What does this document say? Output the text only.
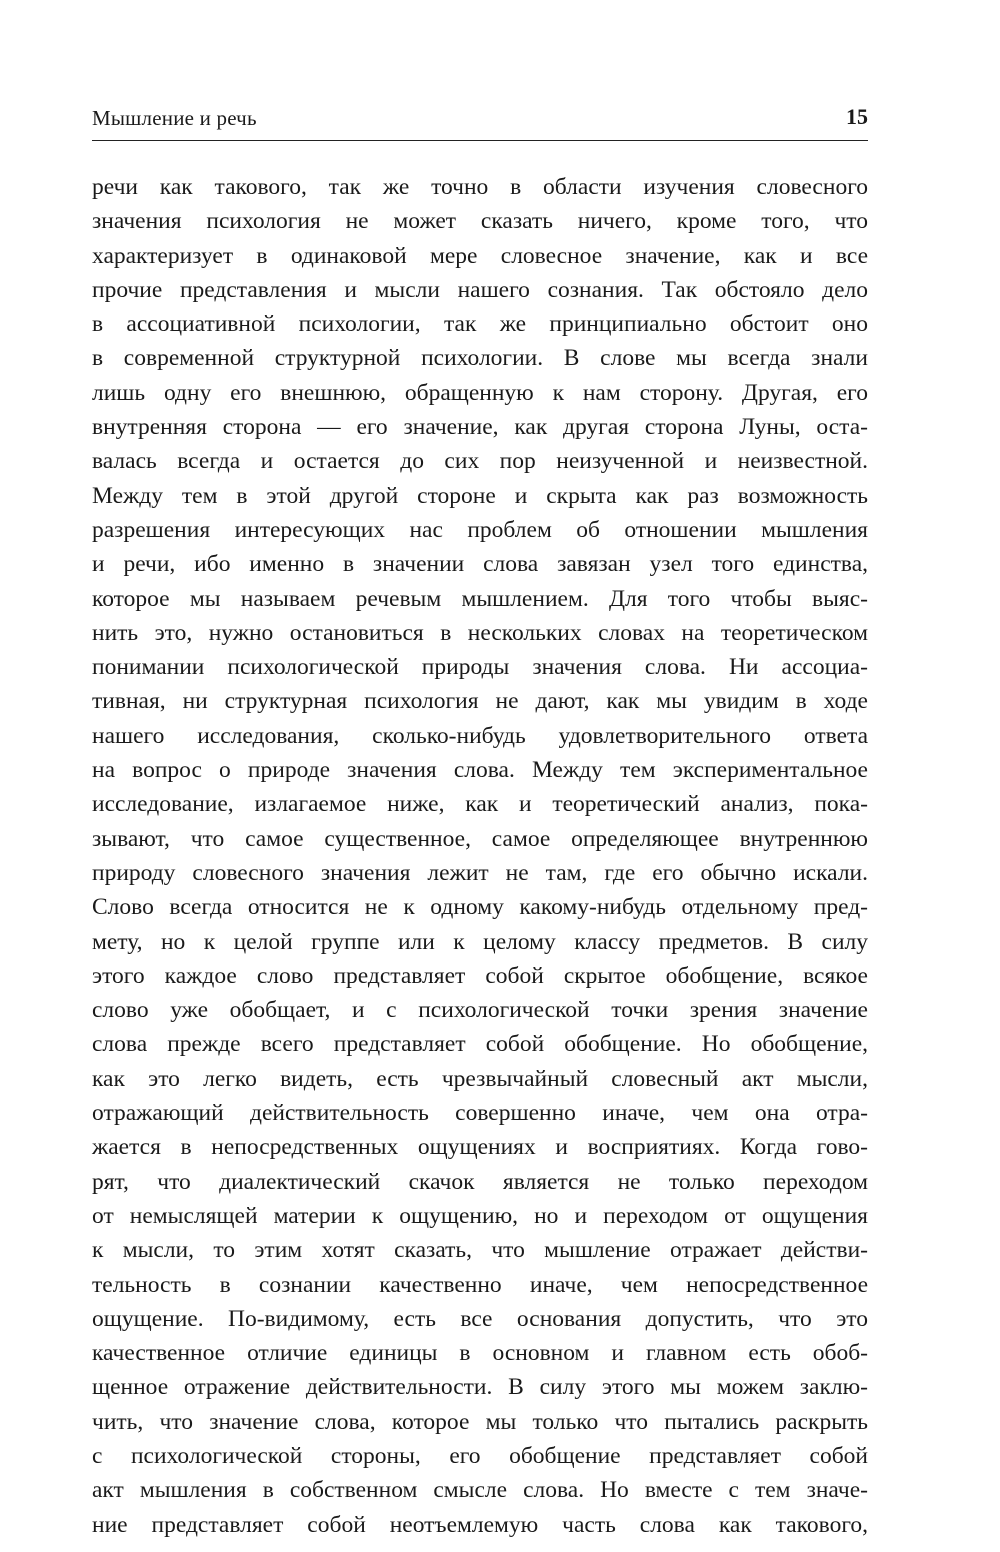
Мышление и речь	15
речи как такового, так же точно в области изучения словесного
значения психология не может сказать ничего, кроме того, что
характеризует в одинаковой мере словесное значение, как и все
прочие представления и мысли нашего сознания. Так обстояло дело
в ассоциативной психологии, так же принципиально обстоит оно
в современной структурной психологии. В слове мы всегда знали
лишь одну его внешнюю, обращенную к нам сторону. Другая, его
внутренняя сторона — его значение, как другая сторона Луны, оста-
валась всегда и остается до сих пор неизученной и неизвестной.
Между тем в этой другой стороне и скрыта как раз возможность
разрешения интересующих нас проблем об отношении мышления
и речи, ибо именно в значении слова завязан узел того единства,
которое мы называем речевым мышлением. Для того чтобы выяс-
нить это, нужно остановиться в нескольких словах на теоретическом
понимании психологической природы значения слова. Ни ассоциа-
тивная, ни структурная психология не дают, как мы увидим в ходе
нашего исследования, сколько-нибудь удовлетворительного ответа
на вопрос о природе значения слова. Между тем экспериментальное
исследование, излагаемое ниже, как и теоретический анализ, пока-
зывают, что самое существенное, самое определяющее внутреннюю
природу словесного значения лежит не там, где его обычно искали.
Слово всегда относится не к одному какому-нибудь отдельному пред-
мету, но к целой группе или к целому классу предметов. В силу
этого каждое слово представляет собой скрытое обобщение, всякое
слово уже обобщает, и с психологической точки зрения значение
слова прежде всего представляет собой обобщение. Но обобщение,
как это легко видеть, есть чрезвычайный словесный акт мысли,
отражающий действительность совершенно иначе, чем она отра-
жается в непосредственных ощущениях и восприятиях. Когда гово-
рят, что диалектический скачок является не только переходом
от немыслящей материи к ощущению, но и переходом от ощущения
к мысли, то этим хотят сказать, что мышление отражает действи-
тельность в сознании качественно иначе, чем непосредственное
ощущение. По-видимому, есть все основания допустить, что это
качественное отличие единицы в основном и главном есть обоб-
щенное отражение действительности. В силу этого мы можем заклю-
чить, что значение слова, которое мы только что пытались раскрыть
с психологической стороны, его обобщение представляет собой
акт мышления в собственном смысле слова. Но вместе с тем значе-
ние представляет собой неотъемлемую часть слова как такового,
